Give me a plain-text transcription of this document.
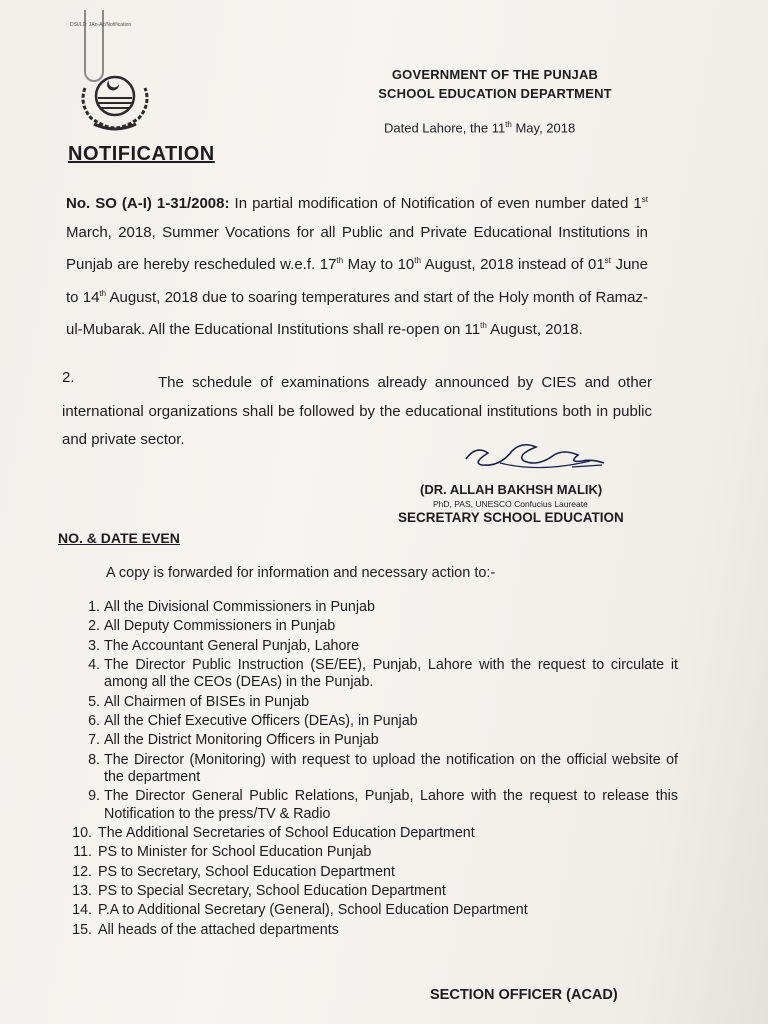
DSI/LD: JAn-Ac/Notification
GOVERNMENT OF THE PUNJAB
SCHOOL EDUCATION DEPARTMENT
Dated Lahore, the 11th May, 2018
NOTIFICATION
No. SO (A-I) 1-31/2008: In partial modification of Notification of even number dated 1st March, 2018, Summer Vocations for all Public and Private Educational Institutions in Punjab are hereby rescheduled w.e.f. 17th May to 10th August, 2018 instead of 01st June to 14th August, 2018 due to soaring temperatures and start of the Holy month of Ramaz-ul-Mubarak. All the Educational Institutions shall re-open on 11th August, 2018.
2.	The schedule of examinations already announced by CIES and other international organizations shall be followed by the educational institutions both in public and private sector.
(DR. ALLAH BAKHSH MALIK)
PhD, PAS, UNESCO Confucius Laureate
SECRETARY SCHOOL EDUCATION
NO. & DATE EVEN
A copy is forwarded for information and necessary action to:-
1. All the Divisional Commissioners in Punjab
2. All Deputy Commissioners in Punjab
3. The Accountant General Punjab, Lahore
4. The Director Public Instruction (SE/EE), Punjab, Lahore with the request to circulate it among all the CEOs (DEAs) in the Punjab.
5. All Chairmen of BISEs in Punjab
6. All the Chief Executive Officers (DEAs), in Punjab
7. All the District Monitoring Officers in Punjab
8. The Director (Monitoring) with request to upload the notification on the official website of the department
9. The Director General Public Relations, Punjab, Lahore with the request to release this Notification to the press/TV & Radio
10. The Additional Secretaries of School Education Department
11. PS to Minister for School Education Punjab
12. PS to Secretary, School Education Department
13. PS to Special Secretary, School Education Department
14. P.A to Additional Secretary (General), School Education Department
15. All heads of the attached departments
SECTION OFFICER (ACAD)
